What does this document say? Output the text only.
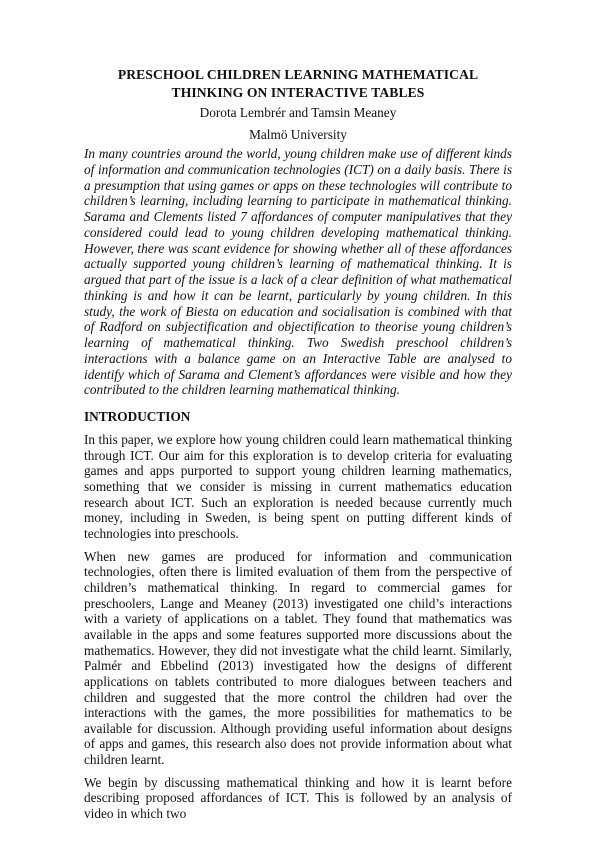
PRESCHOOL CHILDREN LEARNING MATHEMATICAL THINKING ON INTERACTIVE TABLES
Dorota Lembrér and Tamsin Meaney
Malmö University

In many countries around the world, young children make use of different kinds of information and communication technologies (ICT) on a daily basis. There is a presumption that using games or apps on these technologies will contribute to children’s learning, including learning to participate in mathematical thinking. Sarama and Clements listed 7 affordances of computer manipulatives that they considered could lead to young children developing mathematical thinking. However, there was scant evidence for showing whether all of these affordances actually supported young children’s learning of mathematical thinking. It is argued that part of the issue is a lack of a clear definition of what mathematical thinking is and how it can be learnt, particularly by young children. In this study, the work of Biesta on education and socialisation is combined with that of Radford on subjectification and objectification to theorise young children’s learning of mathematical thinking. Two Swedish preschool children’s interactions with a balance game on an Interactive Table are analysed to identify which of Sarama and Clement’s affordances were visible and how they contributed to the children learning mathematical thinking.

INTRODUCTION

In this paper, we explore how young children could learn mathematical thinking through ICT. Our aim for this exploration is to develop criteria for evaluating games and apps purported to support young children learning mathematics, something that we consider is missing in current mathematics education research about ICT. Such an exploration is needed because currently much money, including in Sweden, is being spent on putting different kinds of technologies into preschools.

When new games are produced for information and communication technologies, often there is limited evaluation of them from the perspective of children’s mathematical thinking. In regard to commercial games for preschoolers, Lange and Meaney (2013) investigated one child’s interactions with a variety of applications on a tablet. They found that mathematics was available in the apps and some features supported more discussions about the mathematics. However, they did not investigate what the child learnt. Similarly, Palmér and Ebbelind (2013) investigated how the designs of different applications on tablets contributed to more dialogues between teachers and children and suggested that the more control the children had over the interactions with the games, the more possibilities for mathematics to be available for discussion. Although providing useful information about designs of apps and games, this research also does not provide information about what children learnt.

We begin by discussing mathematical thinking and how it is learnt before describing proposed affordances of ICT. This is followed by an analysis of video in which two
